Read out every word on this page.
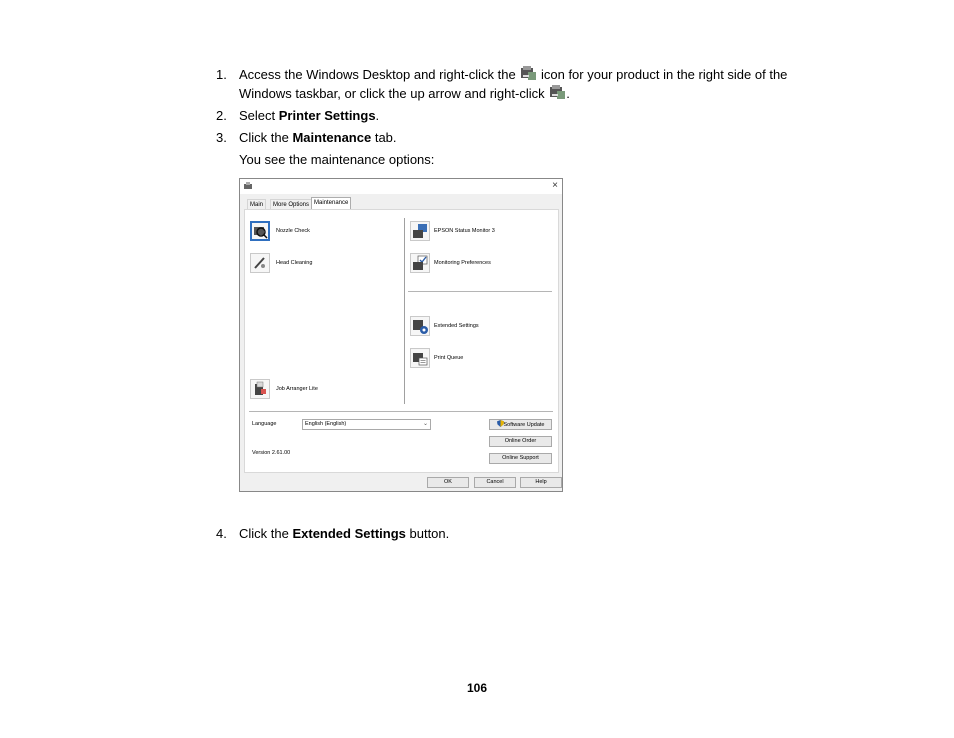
1. Access the Windows Desktop and right-click the icon for your product in the right side of the
Windows taskbar, or click the up arrow and right-click .
2. Select Printer Settings.
3. Click the Maintenance tab.
You see the maintenance options:
×
Main	More Options Maintenance
Nozzle Check
Head Cleaning
Job Arranger Lite
EPSON Status Monitor 3
Monitoring Preferences
Extended Settings
Print Queue
Language	English (English)	⌄
Version 2.61.00
Software Update
Online Order
Online Support
OK	Cancel	Help
4. Click the Extended Settings button.
106
